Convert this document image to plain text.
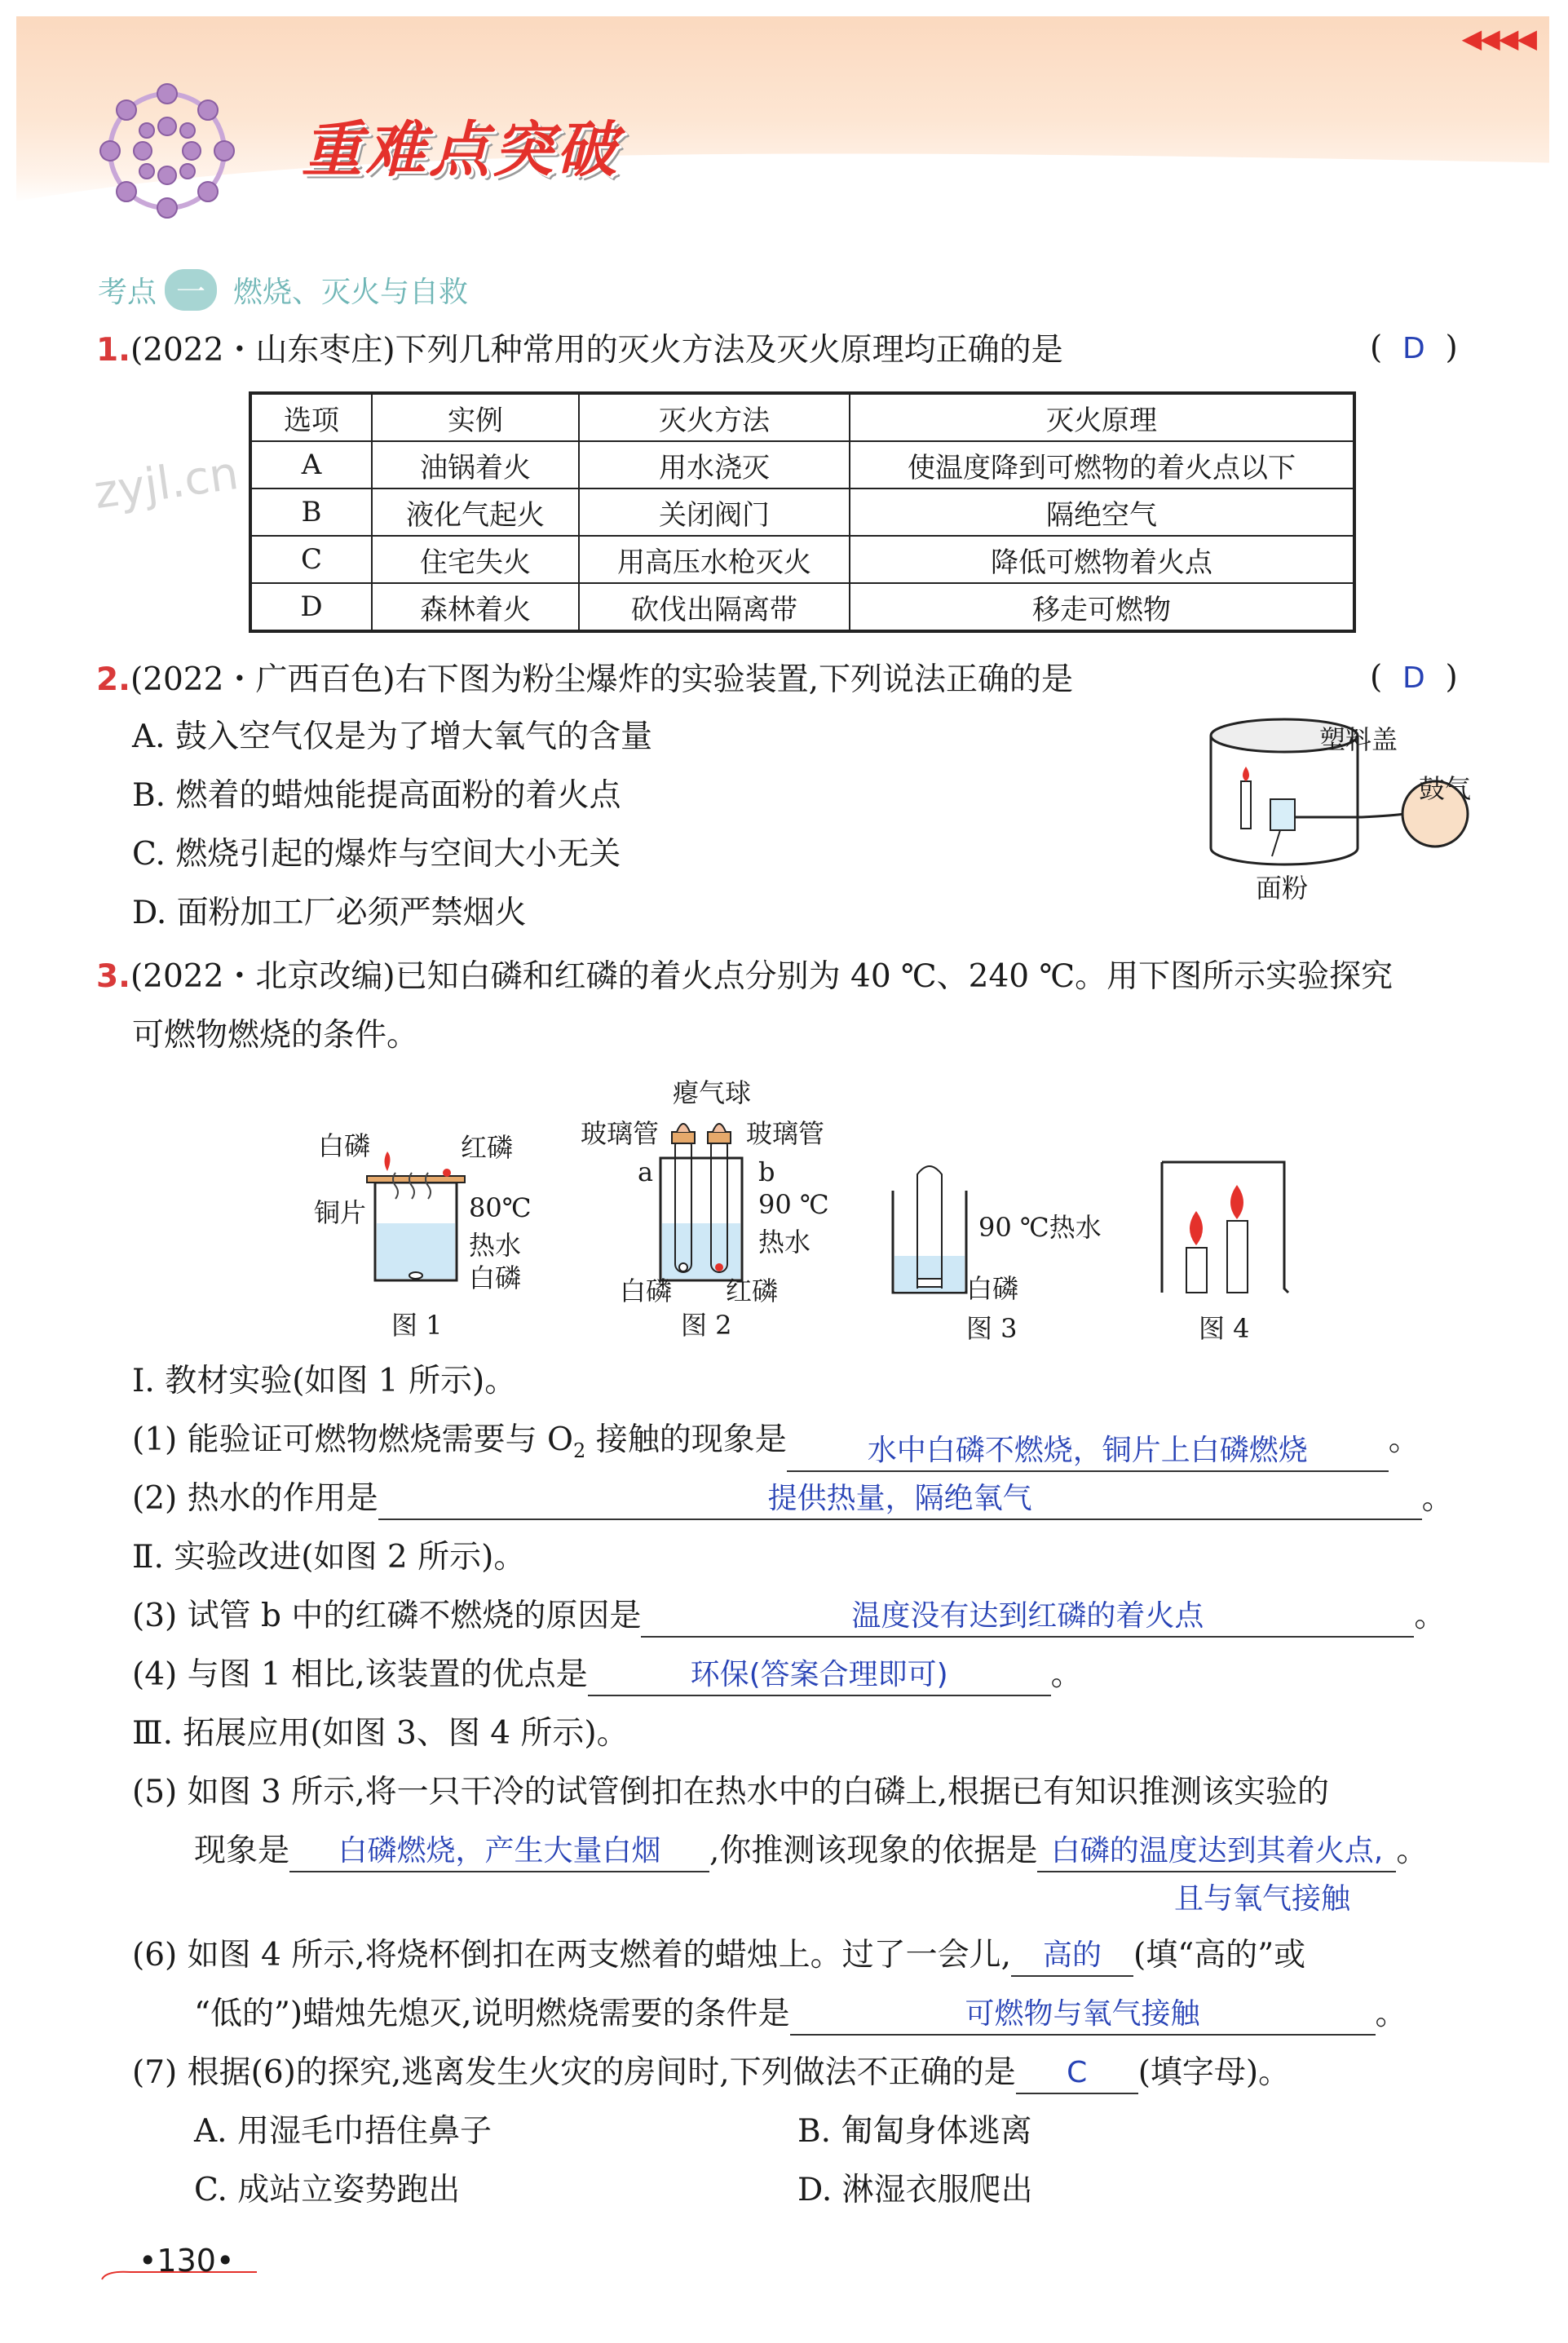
重难点突破
◀◀◀◀
zyjl.cn
考点 一 燃烧、灭火与自救
1.(2022・山东枣庄)下列几种常用的灭火方法及灭火原理均正确的是	(  D  )
选项	实例	灭火方法	灭火原理
A	油锅着火	用水浇灭	使温度降到可燃物的着火点以下
B	液化气起火	关闭阀门	隔绝空气
C	住宅失火	用高压水枪灭火	降低可燃物着火点
D	森林着火	砍伐出隔离带	移走可燃物
2.(2022・广西百色)右下图为粉尘爆炸的实验装置,下列说法正确的是	(  D  )
A. 鼓入空气仅是为了增大氧气的含量
B. 燃着的蜡烛能提高面粉的着火点
C. 燃烧引起的爆炸与空间大小无关
D. 面粉加工厂必须严禁烟火
塑料盖
鼓气
面粉
3.(2022・北京改编)已知白磷和红磷的着火点分别为 40 ℃、240 ℃。用下图所示实验探究
可燃物燃烧的条件。
白磷	红磷
铜片	80℃
热水
白磷
图 1
瘪气球
玻璃管	玻璃管
a	b
90 ℃
热水
白磷 红磷
图 2
90 ℃热水
白磷
图 3	图 4
Ⅰ. 教材实验(如图 1 所示)。
(1) 能验证可燃物燃烧需要与 $O_2$ 接触的现象是	水中白磷不燃烧，铜片上白磷燃烧	。
(2) 热水的作用是	提供热量，隔绝氧气	。
Ⅱ. 实验改进(如图 2 所示)。
(3) 试管 b 中的红磷不燃烧的原因是	温度没有达到红磷的着火点	。
(4) 与图 1 相比,该装置的优点是	环保(答案合理即可)	。
Ⅲ. 拓展应用(如图 3、图 4 所示)。
(5) 如图 3 所示,将一只干冷的试管倒扣在热水中的白磷上,根据已有知识推测该实验的
现象是	白磷燃烧，产生大量白烟	,你推测该现象的依据是 白磷的温度达到其着火点, 。
且与氧气接触
(6) 如图 4 所示,将烧杯倒扣在两支燃着的蜡烛上。过了一会儿,	高的	(填“高的”或
“低的”)蜡烛先熄灭,说明燃烧需要的条件是	可燃物与氧气接触	。
(7) 根据(6)的探究,逃离发生火灾的房间时,下列做法不正确的是	C	(填字母)。
A. 用湿毛巾捂住鼻子	B. 匍匐身体逃离
C. 成站立姿势跑出	D. 淋湿衣服爬出
•130•
